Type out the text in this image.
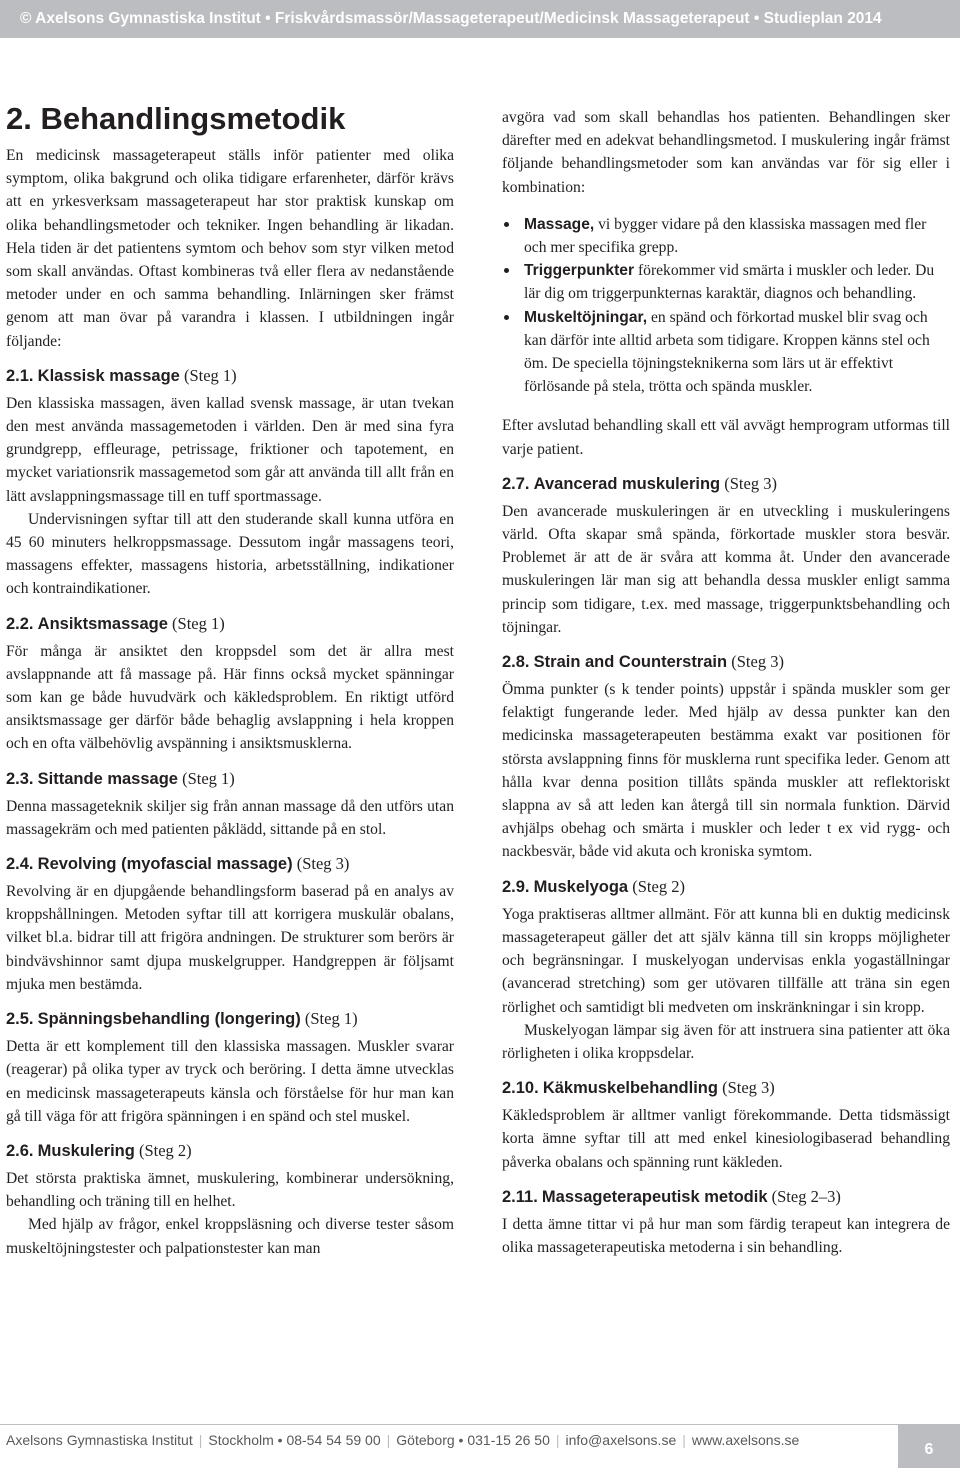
© Axelsons Gymnastiska Institut • Friskvårdsmassör/Massageterapeut/Medicinsk Massageterapeut • Studieplan 2014
2. Behandlingsmetodik

En medicinsk massageterapeut ställs inför patienter med olika symptom, olika bakgrund och olika tidigare erfarenheter, därför krävs att en yrkesverksam massageterapeut har stor praktisk kunskap om olika behandlingsmetoder och tekniker. Ingen behandling är likadan. Hela tiden är det patientens symtom och behov som styr vilken metod som skall användas. Oftast kombineras två eller flera av nedanstående metoder under en och samma behandling. Inlärningen sker främst genom att man övar på varandra i klassen. I utbildningen ingår följande:

2.1. Klassisk massage (Steg 1)

Den klassiska massagen, även kallad svensk massage, är utan tvekan den mest använda massagemetoden i världen. Den är med sina fyra grundgrepp, effleurage, petrissage, friktioner och tapotement, en mycket variationsrik massagemetod som går att använda till allt från en lätt avslappningsmassage till en tuff sportmassage.

Undervisningen syftar till att den studerande skall kunna utföra en 45 60 minuters helkroppsmassage. Dessutom ingår massagens teori, massagens effekter, massagens historia, arbetsställning, indikationer och kontraindikationer.

2.2. Ansiktsmassage (Steg 1)

För många är ansiktet den kroppsdel som det är allra mest avslappnande att få massage på. Här finns också mycket spänningar som kan ge både huvudvärk och käkledsproblem. En riktigt utförd ansiktsmassage ger därför både behaglig avslappning i hela kroppen och en ofta välbehövlig avspänning i ansiktsmusklerna.

2.3. Sittande massage (Steg 1)

Denna massageteknik skiljer sig från annan massage då den utförs utan massagekräm och med patienten påklädd, sittande på en stol.

2.4. Revolving (myofascial massage) (Steg 3)

Revolving är en djupgående behandlingsform baserad på en analys av kroppshållningen. Metoden syftar till att korrigera muskulär obalans, vilket bl.a. bidrar till att frigöra andningen. De strukturer som berörs är bindvävshinnor samt djupa muskelgrupper. Handgreppen är följsamt mjuka men bestämda.

2.5. Spänningsbehandling (longering) (Steg 1)

Detta är ett komplement till den klassiska massagen. Muskler svarar (reagerar) på olika typer av tryck och beröring. I detta ämne utvecklas en medicinsk massageterapeuts känsla och förståelse för hur man kan gå till väga för att frigöra spänningen i en spänd och stel muskel.

2.6. Muskulering (Steg 2)

Det största praktiska ämnet, muskulering, kombinerar undersökning, behandling och träning till en helhet.

Med hjälp av frågor, enkel kroppsläsning och diverse tester såsom muskeltöjningstester och palpationstester kan man

avgöra vad som skall behandlas hos patienten. Behandlingen sker därefter med en adekvat behandlingsmetod. I muskulering ingår främst följande behandlingsmetoder som kan användas var för sig eller i kombination:

Massage, vi bygger vidare på den klassiska massagen med fler och mer specifika grepp.
Triggerpunkter förekommer vid smärta i muskler och leder. Du lär dig om triggerpunkternas karaktär, diagnos och behandling.
Muskeltöjningar, en spänd och förkortad muskel blir svag och kan därför inte alltid arbeta som tidigare. Kroppen känns stel och öm. De speciella töjningsteknikerna som lärs ut är effektivt förlösande på stela, trötta och spända muskler.

Efter avslutad behandling skall ett väl avvägt hemprogram utformas till varje patient.

2.7. Avancerad muskulering (Steg 3)

Den avancerade muskuleringen är en utveckling i muskuleringens värld. Ofta skapar små spända, förkortade muskler stora besvär. Problemet är att de är svåra att komma åt. Under den avancerade muskuleringen lär man sig att behandla dessa muskler enligt samma princip som tidigare, t.ex. med massage, triggerpunktsbehandling och töjningar.

2.8. Strain and Counterstrain (Steg 3)

Ömma punkter (s k tender points) uppstår i spända muskler som ger felaktigt fungerande leder. Med hjälp av dessa punkter kan den medicinska massageterapeuten bestämma exakt var positionen för största avslappning finns för musklerna runt specifika leder. Genom att hålla kvar denna position tillåts spända muskler att reflektoriskt slappna av så att leden kan återgå till sin normala funktion. Därvid avhjälps obehag och smärta i muskler och leder t ex vid rygg- och nackbesvär, både vid akuta och kroniska symtom.

2.9. Muskelyoga (Steg 2)

Yoga praktiseras alltmer allmänt. För att kunna bli en duktig medicinsk massageterapeut gäller det att själv känna till sin kropps möjligheter och begränsningar. I muskelyogan undervisas enkla yogaställningar (avancerad stretching) som ger utövaren tillfälle att träna sin egen rörlighet och samtidigt bli medveten om inskränkningar i sin kropp.

Muskelyogan lämpar sig även för att instruera sina patienter att öka rörligheten i olika kroppsdelar.

2.10. Käkmuskelbehandling (Steg 3)

Käkledsproblem är alltmer vanligt förekommande. Detta tidsmässigt korta ämne syftar till att med enkel kinesiologibaserad behandling påverka obalans och spänning runt käkleden.

2.11. Massageterapeutisk metodik (Steg 2–3)

I detta ämne tittar vi på hur man som färdig terapeut kan integrera de olika massageterapeutiska metoderna i sin behandling.

Axelsons Gymnastiska Institut | Stockholm • 08-54 54 59 00 | Göteborg • 031-15 26 50 | info@axelsons.se | www.axelsons.se
6
